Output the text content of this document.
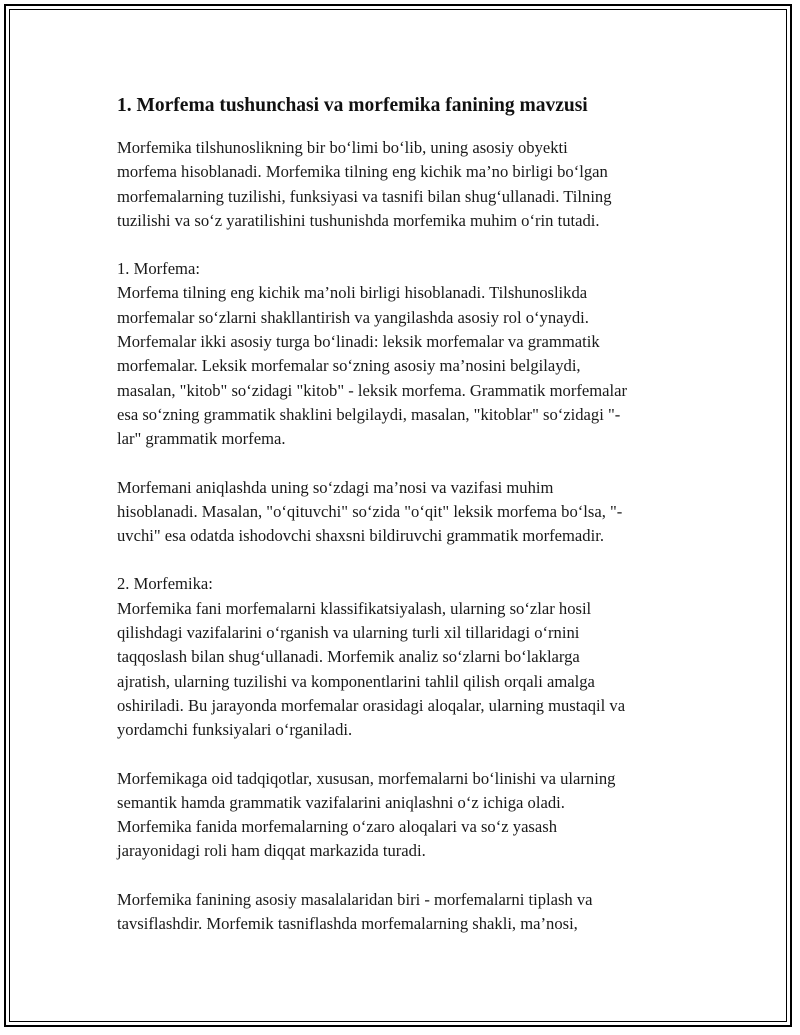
1. Morfema tushunchasi va morfemika fanining mavzusi

Morfemika tilshunoslikning bir bo‘limi bo‘lib, uning asosiy obyekti
morfema hisoblanadi. Morfemika tilning eng kichik ma’no birligi bo‘lgan
morfemalarning tuzilishi, funksiyasi va tasnifi bilan shug‘ullanadi. Tilning
tuzilishi va so‘z yaratilishini tushunishda morfemika muhim o‘rin tutadi.

1. Morfema:
Morfema tilning eng kichik ma’noli birligi hisoblanadi. Tilshunoslikda
morfemalar so‘zlarni shakllantirish va yangilashda asosiy rol o‘ynaydi.
Morfemalar ikki asosiy turga bo‘linadi: leksik morfemalar va grammatik
morfemalar. Leksik morfemalar so‘zning asosiy ma’nosini belgilaydi,
masalan, "kitob" so‘zidagi "kitob" - leksik morfema. Grammatik morfemalar
esa so‘zning grammatik shaklini belgilaydi, masalan, "kitoblar" so‘zidagi "-
lar" grammatik morfema.

Morfemani aniqlashda uning so‘zdagi ma’nosi va vazifasi muhim
hisoblanadi. Masalan, "o‘qituvchi" so‘zida "o‘qit" leksik morfema bo‘lsa, "-
uvchi" esa odatda ishodovchi shaxsni bildiruvchi grammatik morfemadir.

2. Morfemika:
Morfemika fani morfemalarni klassifikatsiyalash, ularning so‘zlar hosil
qilishdagi vazifalarini o‘rganish va ularning turli xil tillaridagi o‘rnini
taqqoslash bilan shug‘ullanadi. Morfemik analiz so‘zlarni bo‘laklarga
ajratish, ularning tuzilishi va komponentlarini tahlil qilish orqali amalga
oshiriladi. Bu jarayonda morfemalar orasidagi aloqalar, ularning mustaqil va
yordamchi funksiyalari o‘rganiladi.

Morfemikaga oid tadqiqotlar, xususan, morfemalarni bo‘linishi va ularning
semantik hamda grammatik vazifalarini aniqlashni o‘z ichiga oladi.
Morfemika fanida morfemalarning o‘zaro aloqalari va so‘z yasash
jarayonidagi roli ham diqqat markazida turadi.

Morfemika fanining asosiy masalalaridan biri - morfemalarni tiplash va
tavsiflashdir. Morfemik tasniflashda morfemalarning shakli, ma’nosi,
